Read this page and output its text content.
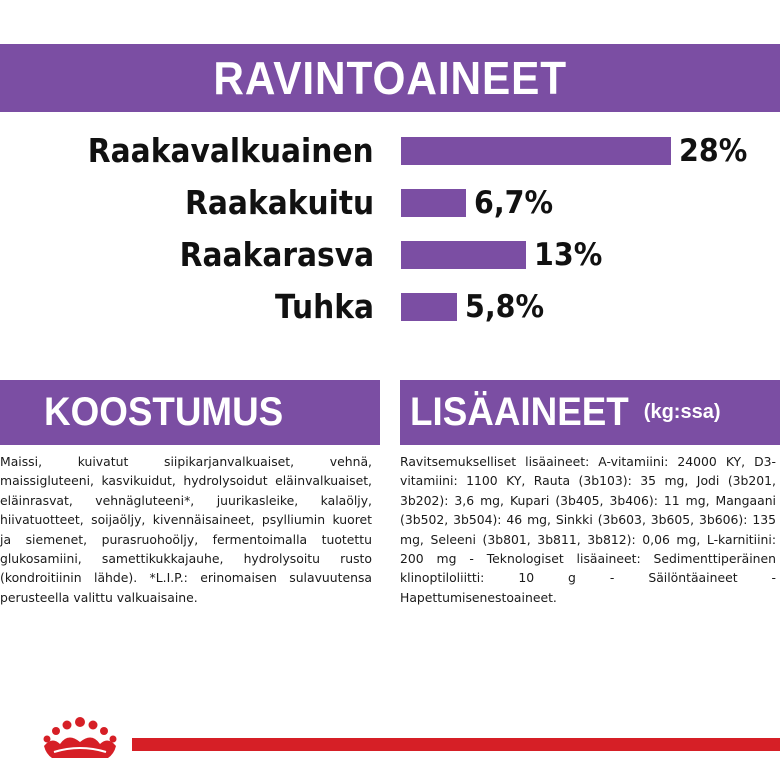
RAVINTOAINEET
Raakavalkuainen	28%
Raakakuitu	6,7%
Raakarasva	13%
Tuhka	5,8%
KOOSTUMUS	LISÄAINEET (kg:ssa)
Maissi, kuivatut siipikarjanvalkuaiset, vehnä, maissigluteeni, kasvikuidut, hydrolysoidut eläinvalkuaiset, eläinrasvat, vehnägluteeni*, juurikasleike, kalaöljy, hiivatuotteet, soijaöljy, kivennäisaineet, psylliumin kuoret ja siemenet, purasruohoöljy, fermentoimalla tuotettu glukosamiini, samettikukkajauhe, hydrolysoitu rusto (kondroitiinin lähde). *L.I.P.: erinomaisen sulavuutensa perusteella valittu valkuaisaine.
Ravitsemukselliset lisäaineet: A-vitamiini: 24000 KY, D3-vitamiini: 1100 KY, Rauta (3b103): 35 mg, Jodi (3b201, 3b202): 3,6 mg, Kupari (3b405, 3b406): 11 mg, Mangaani (3b502, 3b504): 46 mg, Sinkki (3b603, 3b605, 3b606): 135 mg, Seleeni (3b801, 3b811, 3b812): 0,06 mg, L-karnitiini: 200 mg - Teknologiset lisäaineet: Sedimenttiperäinen klinoptiloliitti: 10 g - Säilöntäaineet - Hapettumisenestoaineet.
